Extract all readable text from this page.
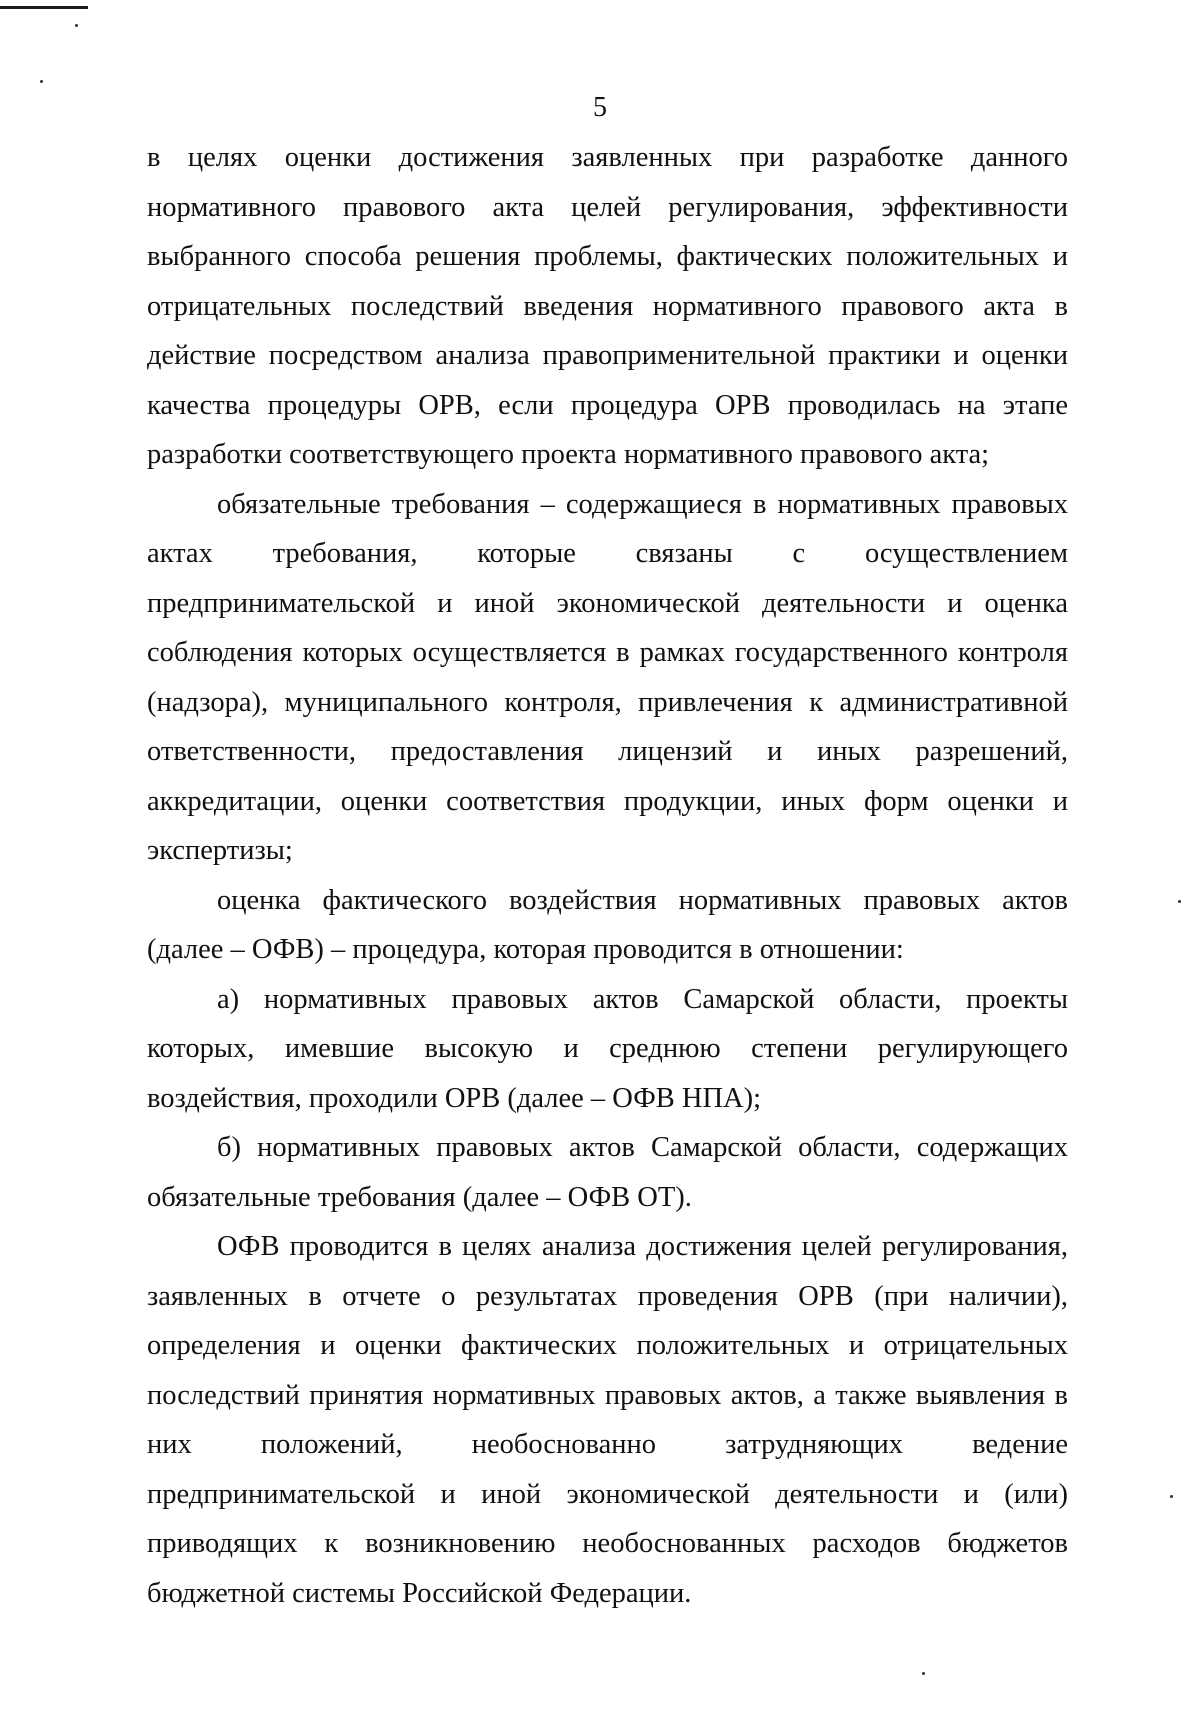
5

в целях оценки достижения заявленных при разработке данного нормативного правового акта целей регулирования, эффективности выбранного способа решения проблемы, фактических положительных и отрицательных последствий введения нормативного правового акта в действие посредством анализа правоприменительной практики и оценки качества процедуры ОРВ, если процедура ОРВ проводилась на этапе разработки соответствующего проекта нормативного правового акта;

обязательные требования – содержащиеся в нормативных правовых актах требования, которые связаны с осуществлением предпринимательской и иной экономической деятельности и оценка соблюдения которых осуществляется в рамках государственного контроля (надзора), муниципального контроля, привлечения к административной ответственности, предоставления лицензий и иных разрешений, аккредитации, оценки соответствия продукции, иных форм оценки и экспертизы;

оценка фактического воздействия нормативных правовых актов (далее – ОФВ) – процедура, которая проводится в отношении:

а) нормативных правовых актов Самарской области, проекты которых, имевшие высокую и среднюю степени регулирующего воздействия, проходили ОРВ (далее – ОФВ НПА);

б) нормативных правовых актов Самарской области, содержащих обязательные требования (далее – ОФВ ОТ).

ОФВ проводится в целях анализа достижения целей регулирования, заявленных в отчете о результатах проведения ОРВ (при наличии), определения и оценки фактических положительных и отрицательных последствий принятия нормативных правовых актов, а также выявления в них положений, необоснованно затрудняющих ведение предпринимательской и иной экономической деятельности и (или) приводящих к возникновению необоснованных расходов бюджетов бюджетной системы Российской Федерации.
